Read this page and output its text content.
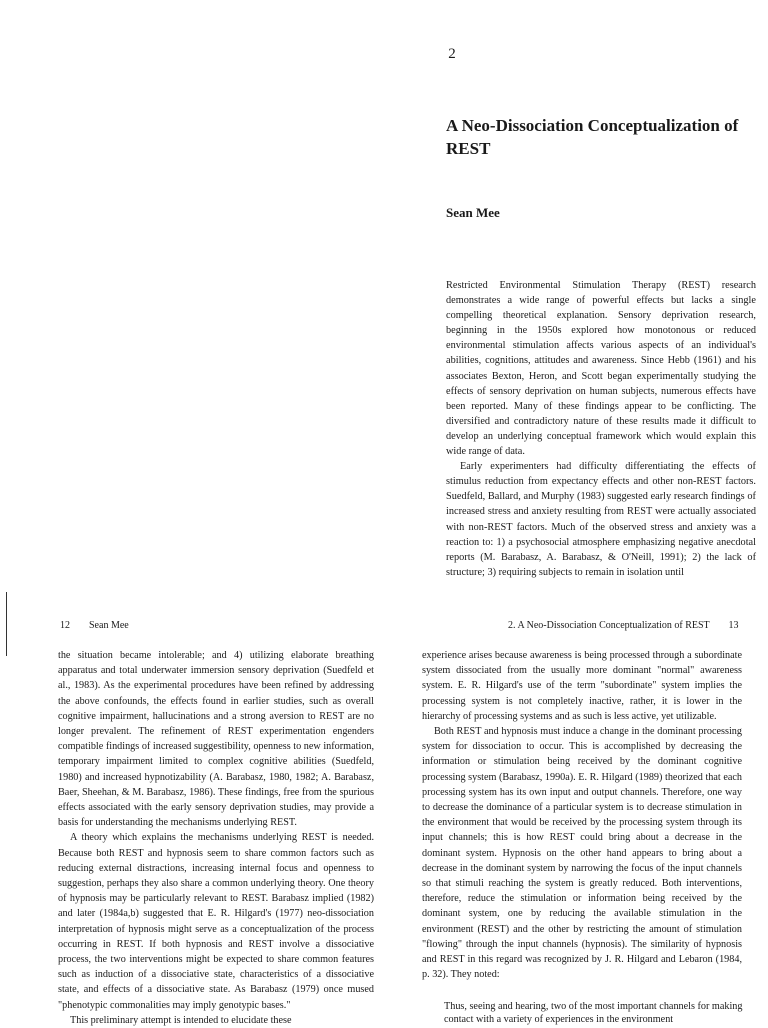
2
A Neo-Dissociation Conceptualization of REST
Sean Mee

Restricted Environmental Stimulation Therapy (REST) research demonstrates a wide range of powerful effects but lacks a single compelling theoretical explanation. Sensory deprivation research, beginning in the 1950s explored how monotonous or reduced environmental stimulation affects various aspects of an individual's abilities, cognitions, attitudes and awareness. Since Hebb (1961) and his associates Bexton, Heron, and Scott began experimentally studying the effects of sensory deprivation on human subjects, numerous effects have been reported. Many of these findings appear to be conflicting. The diversified and contradictory nature of these results made it difficult to develop an underlying conceptual framework which would explain this wide range of data.

Early experimenters had difficulty differentiating the effects of stimulus reduction from expectancy effects and other non-REST factors. Suedfeld, Ballard, and Murphy (1983) suggested early research findings of increased stress and anxiety resulting from REST were actually associated with non-REST factors. Much of the observed stress and anxiety was a reaction to: 1) a psychosocial atmosphere emphasizing negative anecdotal reports (M. Barabasz, A. Barabasz, & O'Neill, 1991); 2) the lack of structure; 3) requiring subjects to remain in isolation until

12 Sean Mee	2. A Neo-Dissociation Conceptualization of REST 13

the situation became intolerable; and 4) utilizing elaborate breathing apparatus and total underwater immersion sensory deprivation (Suedfeld et al., 1983). As the experimental procedures have been refined by addressing the above confounds, the effects found in earlier studies, such as overall cognitive impairment, hallucinations and a strong aversion to REST are no longer prevalent. The refinement of REST experimentation engenders compatible findings of increased suggestibility, openness to new information, temporary impairment limited to complex cognitive abilities (Suedfeld, 1980) and increased hypnotizability (A. Barabasz, 1980, 1982; A. Barabasz, Baer, Sheehan, & M. Barabasz, 1986). These findings, free from the spurious effects associated with the early sensory deprivation studies, may provide a basis for understanding the mechanisms underlying REST.

A theory which explains the mechanisms underlying REST is needed. Because both REST and hypnosis seem to share common factors such as reducing external distractions, increasing internal focus and openness to suggestion, perhaps they also share a common underlying theory. One theory of hypnosis may be particularly relevant to REST. Barabasz implied (1982) and later (1984a,b) suggested that E. R. Hilgard's (1977) neo-dissociation interpretation of hypnosis might serve as a conceptualization of the process occurring in REST. If both hypnosis and REST involve a dissociative process, the two interventions might be expected to share common features such as induction of a dissociative state, characteristics of a dissociative state, and effects of a dissociative state. As Barabasz (1979) once mused "phenotypic commonalities may imply genotypic bases."

This preliminary attempt is intended to elucidate these

experience arises because awareness is being processed through a subordinate system dissociated from the usually more dominant "normal" awareness system. E. R. Hilgard's use of the term "subordinate" system implies the processing system is not completely inactive, rather, it is lower in the hierarchy of processing systems and as such is less active, yet utilizable.

Both REST and hypnosis must induce a change in the dominant processing system for dissociation to occur. This is accomplished by decreasing the information or stimulation being received by the dominant cognitive processing system (Barabasz, 1990a). E. R. Hilgard (1989) theorized that each processing system has its own input and output channels. Therefore, one way to decrease the dominance of a particular system is to decrease stimulation in the environment that would be received by the processing system through its input channels; this is how REST could bring about a decrease in the dominant system. Hypnosis on the other hand appears to bring about a decrease in the dominant system by narrowing the focus of the input channels so that stimuli reaching the system is greatly reduced. Both interventions, therefore, reduce the stimulation or information being received by the dominant system, one by reducing the available stimulation in the environment (REST) and the other by restricting the amount of stimulation "flowing" through the input channels (hypnosis). The similarity of hypnosis and REST in this regard was recognized by J. R. Hilgard and Lebaron (1984, p. 32). They noted:

Thus, seeing and hearing, two of the most important channels for making contact with a variety of experiences in the environment
